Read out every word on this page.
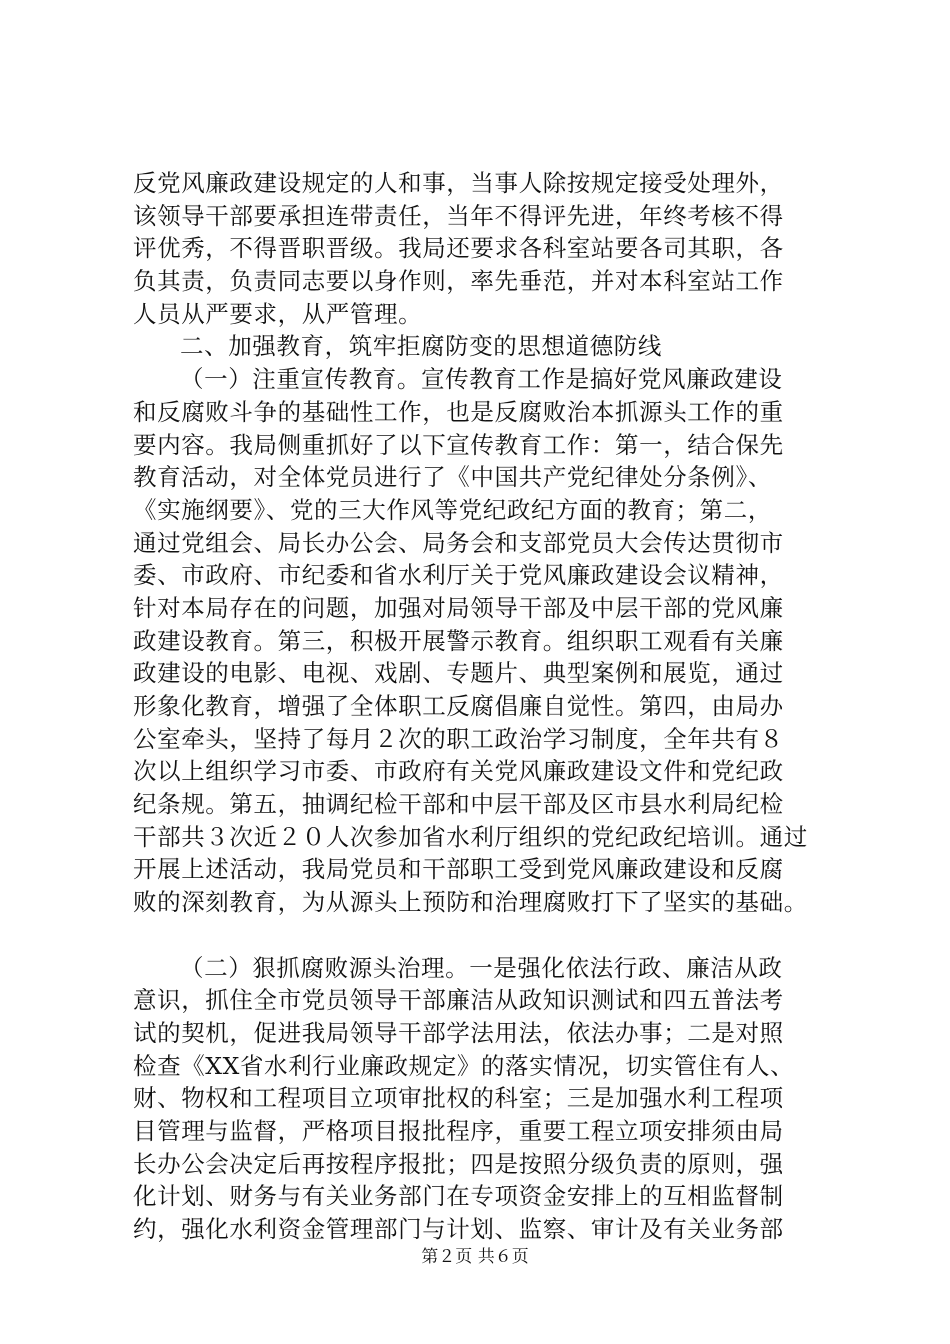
反党风廉政建设规定的人和事，当事人除按规定接受处理外，
该领导干部要承担连带责任，当年不得评先进，年终考核不得
评优秀，不得晋职晋级。我局还要求各科室站要各司其职，各
负其责，负责同志要以身作则，率先垂范，并对本科室站工作
人员从严要求，从严管理。
二、加强教育，筑牢拒腐防变的思想道德防线
（一）注重宣传教育。宣传教育工作是搞好党风廉政建设
和反腐败斗争的基础性工作，也是反腐败治本抓源头工作的重
要内容。我局侧重抓好了以下宣传教育工作：第一，结合保先
教育活动，对全体党员进行了《中国共产党纪律处分条例》、
《实施纲要》、党的三大作风等党纪政纪方面的教育；第二，
通过党组会、局长办公会、局务会和支部党员大会传达贯彻市
委、市政府、市纪委和省水利厅关于党风廉政建设会议精神，
针对本局存在的问题，加强对局领导干部及中层干部的党风廉
政建设教育。第三，积极开展警示教育。组织职工观看有关廉
政建设的电影、电视、戏剧、专题片、典型案例和展览，通过
形象化教育，增强了全体职工反腐倡廉自觉性。第四，由局办
公室牵头，坚持了每月２次的职工政治学习制度，全年共有８
次以上组织学习市委、市政府有关党风廉政建设文件和党纪政
纪条规。第五，抽调纪检干部和中层干部及区市县水利局纪检
干部共３次近２０人次参加省水利厅组织的党纪政纪培训。通过
开展上述活动，我局党员和干部职工受到党风廉政建设和反腐
败的深刻教育，为从源头上预防和治理腐败打下了坚实的基础。
（二）狠抓腐败源头治理。一是强化依法行政、廉洁从政
意识，抓住全市党员领导干部廉洁从政知识测试和四五普法考
试的契机，促进我局领导干部学法用法，依法办事；二是对照
检查《XX省水利行业廉政规定》的落实情况，切实管住有人、
财、物权和工程项目立项审批权的科室；三是加强水利工程项
目管理与监督，严格项目报批程序，重要工程立项安排须由局
长办公会决定后再按程序报批；四是按照分级负责的原则，强
化计划、财务与有关业务部门在专项资金安排上的互相监督制
约，强化水利资金管理部门与计划、监察、审计及有关业务部
第２页 共６页
